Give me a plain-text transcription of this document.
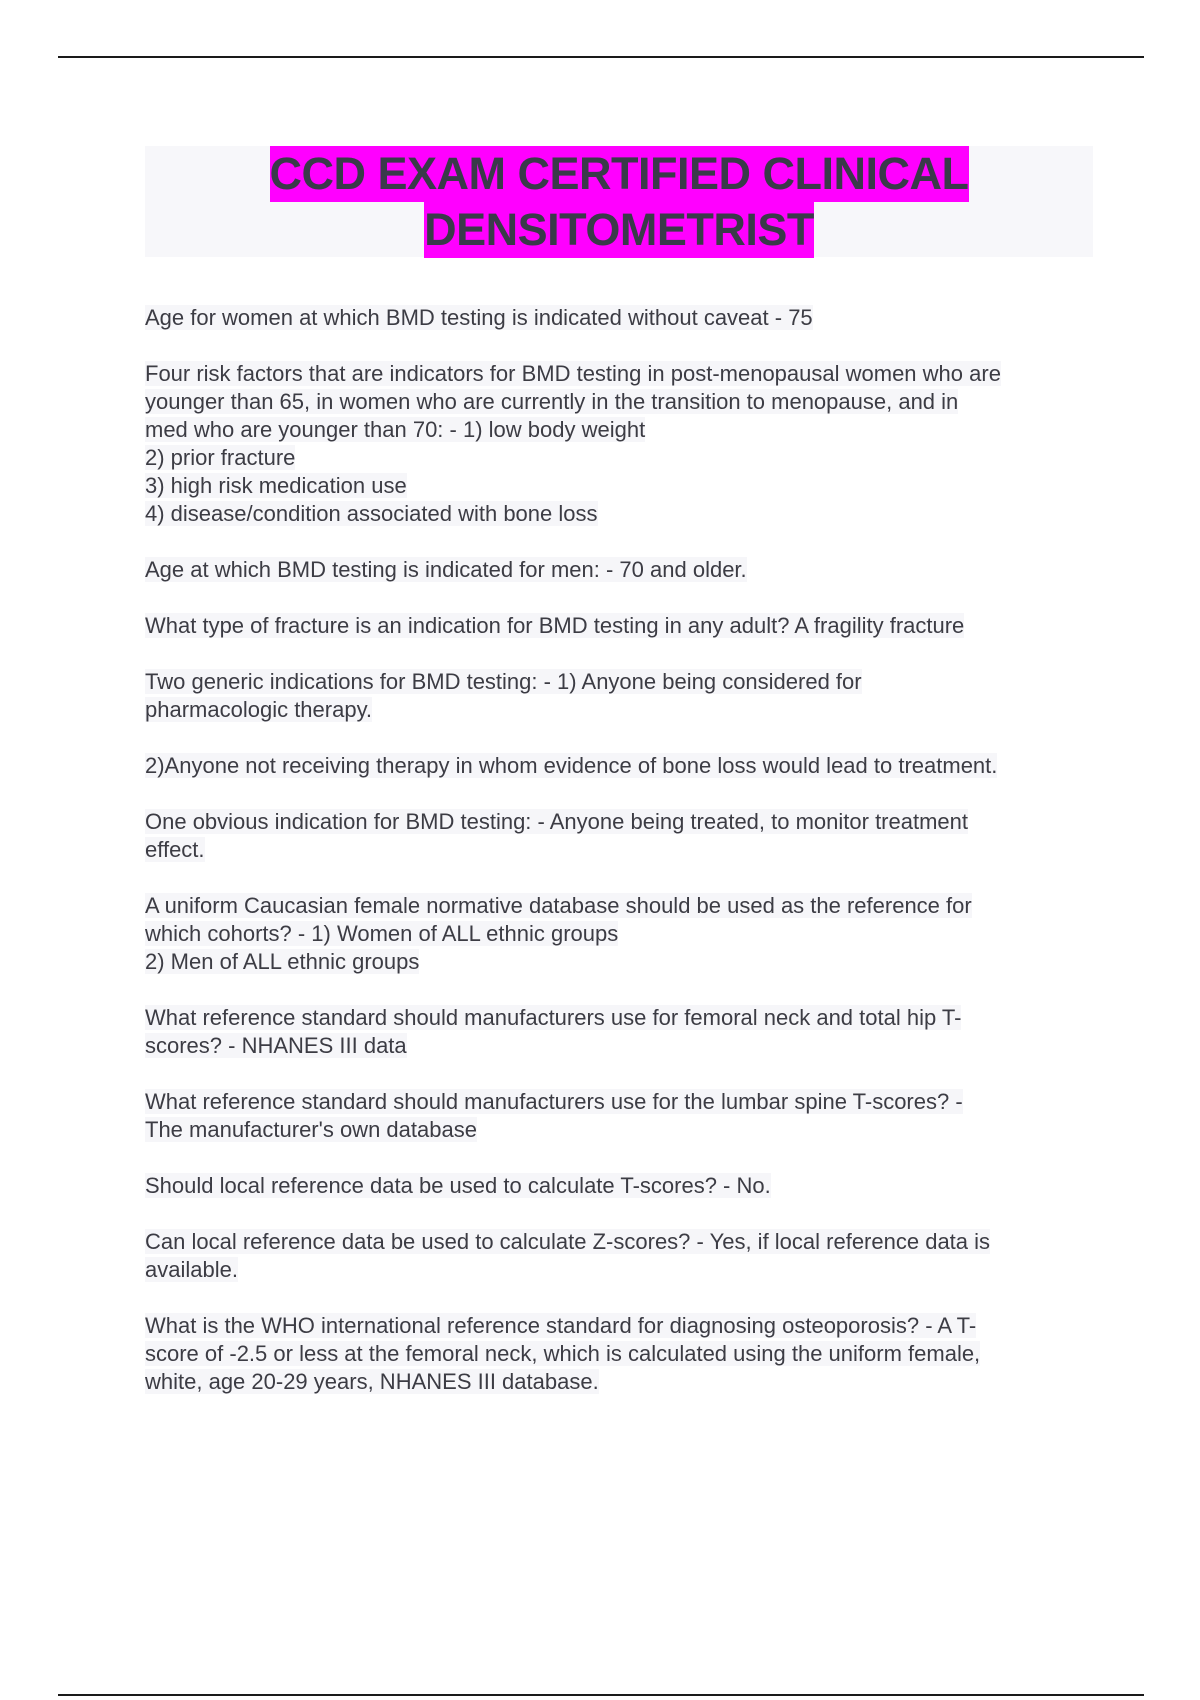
CCD EXAM CERTIFIED CLINICAL
DENSITOMETRIST

Age for women at which BMD testing is indicated without caveat - 75

Four risk factors that are indicators for BMD testing in post-menopausal women who are
younger than 65, in women who are currently in the transition to menopause, and in
med who are younger than 70: - 1) low body weight
2) prior fracture
3) high risk medication use
4) disease/condition associated with bone loss

Age at which BMD testing is indicated for men: - 70 and older.

What type of fracture is an indication for BMD testing in any adult? A fragility fracture

Two generic indications for BMD testing: - 1) Anyone being considered for
pharmacologic therapy.

2)Anyone not receiving therapy in whom evidence of bone loss would lead to treatment.

One obvious indication for BMD testing: - Anyone being treated, to monitor treatment
effect.

A uniform Caucasian female normative database should be used as the reference for
which cohorts? - 1) Women of ALL ethnic groups
2) Men of ALL ethnic groups

What reference standard should manufacturers use for femoral neck and total hip T-
scores? - NHANES III data

What reference standard should manufacturers use for the lumbar spine T-scores? -
The manufacturer's own database

Should local reference data be used to calculate T-scores? - No.

Can local reference data be used to calculate Z-scores? - Yes, if local reference data is
available.

What is the WHO international reference standard for diagnosing osteoporosis? - A T-
score of -2.5 or less at the femoral neck, which is calculated using the uniform female,
white, age 20-29 years, NHANES III database.
